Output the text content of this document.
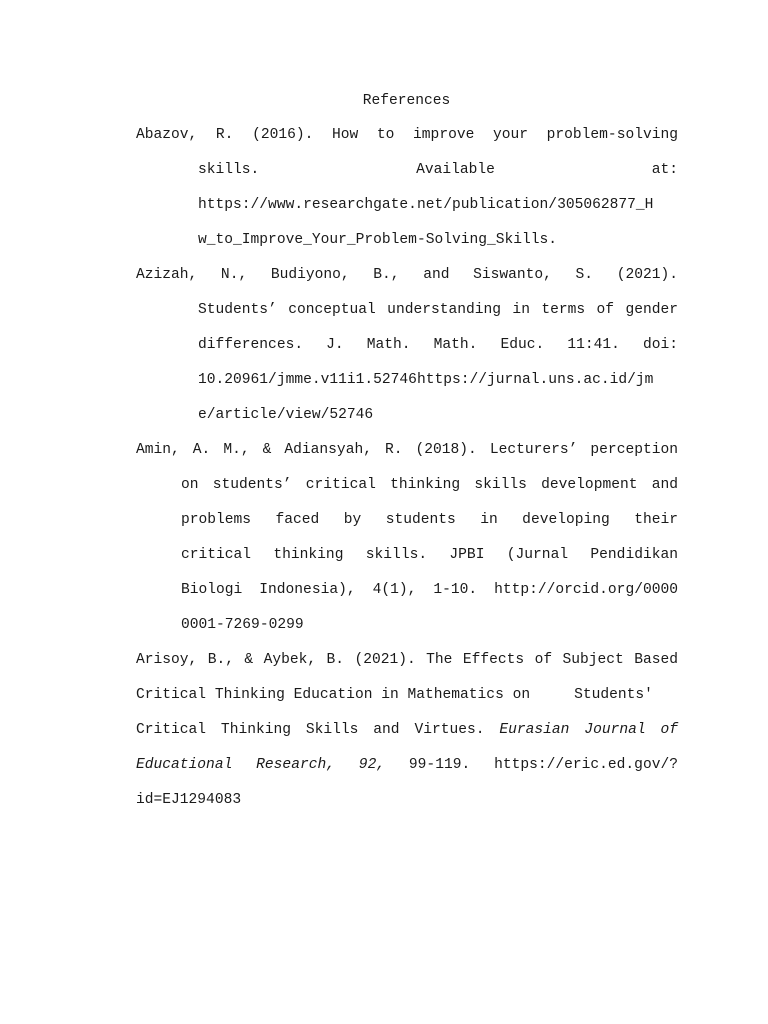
References
Abazov, R. (2016). How to improve your problem-solving
skills. Available at:
https://www.researchgate.net/publication/305062877_H
w_to_Improve_Your_Problem-Solving_Skills.
Azizah, N., Budiyono, B., and Siswanto, S. (2021).
Students’ conceptual understanding in terms of gender
differences. J. Math. Math. Educ. 11:41. doi:
10.20961/jmme.v11i1.52746https://jurnal.uns.ac.id/jm
e/article/view/52746
Amin, A. M., & Adiansyah, R. (2018). Lecturers’ perception
on students’ critical thinking skills development and
problems faced by students in developing their
critical thinking skills. JPBI (Jurnal Pendidikan
Biologi Indonesia), 4(1), 1-10. http://orcid.org/0000
0001-7269-0299
Arisoy, B., & Aybek, B. (2021). The Effects of Subject Based
Critical Thinking Education in Mathematics on	Students'
Critical Thinking Skills and Virtues. Eurasian Journal of
Educational Research, 92, 99-119. https://eric.ed.gov/?
id=EJ1294083
